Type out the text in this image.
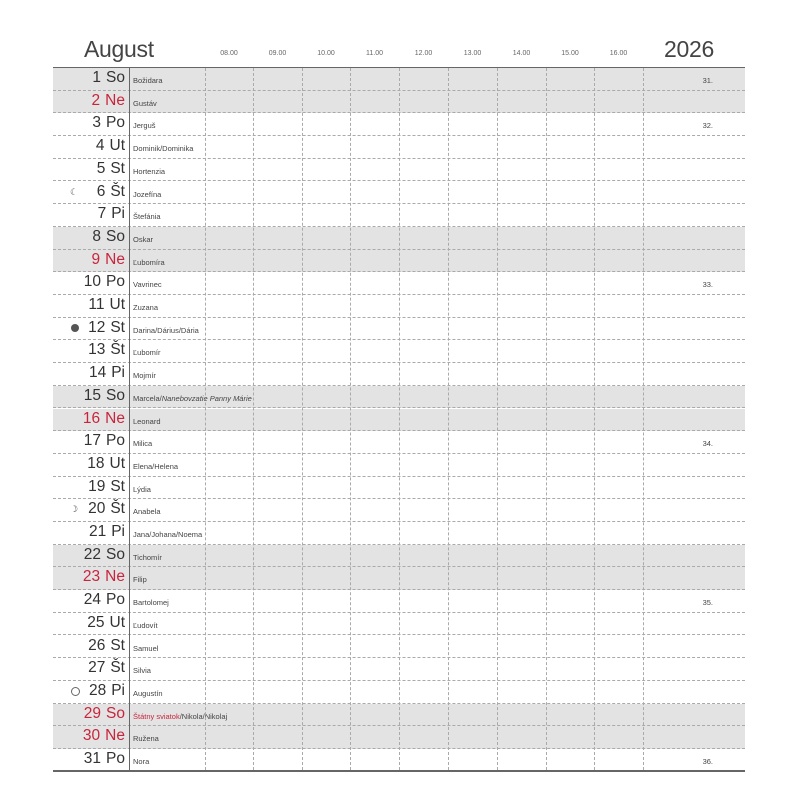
August	2026
08.00	09.00	10.00	11.00	12.00	13.00	14.00	15.00	16.00
1 So Božidara	31.
2 Ne Gustáv
3 Po Jerguš	32.
4 Ut Dominik/Dominika
5 St Hortenzia
☾ 6 Št Jozefína
7 Pi Štefánia
8 So Oskar
9 Ne Ľubomíra
10 Po Vavrinec	33.
11 Ut Zuzana
12 St Darina/Dárius/Dária
13 Št Ľubomír
14 Pi Mojmír
15 So Marcela/Nanebovzatie Panny Márie
16 Ne Leonard
17 Po Milica	34.
18 Ut Elena/Helena
19 St Lýdia
☽ 20 Št Anabela
21 Pi Jana/Johana/Noema
22 So Tichomír
23 Ne Filip
24 Po Bartolomej	35.
25 Ut Ľudovít
26 St Samuel
27 Št Silvia
28 Pi Augustín
29 So Štátny sviatok/Nikola/Nikolaj
30 Ne Ružena
31 Po Nora	36.
